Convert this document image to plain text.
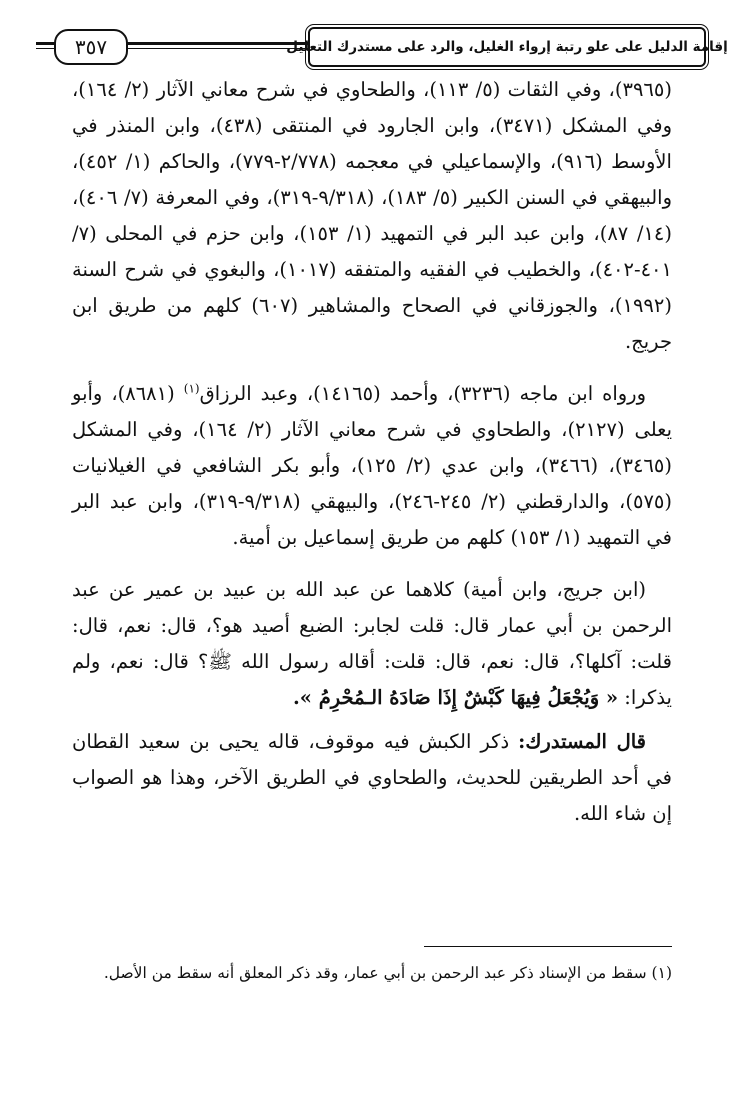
٣٥٧	إقامة الدليل على علو رتبة إرواء الغليل، والرد على مستدرك التعليل

(٣٩٦٥)، وفي الثقات (٥/ ١١٣)، والطحاوي في شرح معاني الآثار (٢/ ١٦٤)، وفي المشكل (٣٤٧١)، وابن الجارود في المنتقى (٤٣٨)، وابن المنذر في الأوسط (٩١٦)، والإسماعيلي في معجمه (٢/٧٧٨-٧٧٩)، والحاكم (١/ ٤٥٢)، والبيهقي في السنن الكبير (٥/ ١٨٣)، (٩/٣١٨-٣١٩)، وفي المعرفة (٧/ ٤٠٦)، (١٤/ ٨٧)، وابن عبد البر في التمهيد (١/ ١٥٣)، وابن حزم في المحلى (٧/ ٤٠١-٤٠٢)، والخطيب في الفقيه والمتفقه (١٠١٧)، والبغوي في شرح السنة (١٩٩٢)، والجوزقاني في الصحاح والمشاهير (٦٠٧) كلهم من طريق ابن جريج.

ورواه ابن ماجه (٣٢٣٦)، وأحمد (١٤١٦٥)، وعبد الرزاق$^{(١)}$ (٨٦٨١)، وأبو يعلى (٢١٢٧)، والطحاوي في شرح معاني الآثار (٢/ ١٦٤)، وفي المشكل (٣٤٦٥)، (٣٤٦٦)، وابن عدي (٢/ ١٢٥)، وأبو بكر الشافعي في الغيلانيات (٥٧٥)، والدارقطني (٢/ ٢٤٥-٢٤٦)، والبيهقي (٩/٣١٨-٣١٩)، وابن عبد البر في التمهيد (١/ ١٥٣) كلهم من طريق إسماعيل بن أمية.

(ابن جريج، وابن أمية) كلاهما عن عبد الله بن عبيد بن عمير عن عبد الرحمن بن أبي عمار قال: قلت لجابر: الضبع أصيد هو؟، قال: نعم، قال: قلت: آكلها؟، قال: نعم، قال: قلت: أقاله رسول الله ﷺ؟ قال: نعم، ولم يذكرا: « وَيُجْعَلُ فِيهَا كَبْشٌ إِذَا صَادَهُ الـمُحْرِمُ ».

قال المستدرك: ذكر الكبش فيه موقوف، قاله يحيى بن سعيد القطان في أحد الطريقين للحديث، والطحاوي في الطريق الآخر، وهذا هو الصواب إن شاء الله.

(١) سقط من الإسناد ذكر عبد الرحمن بن أبي عمار، وقد ذكر المعلق أنه سقط من الأصل.
